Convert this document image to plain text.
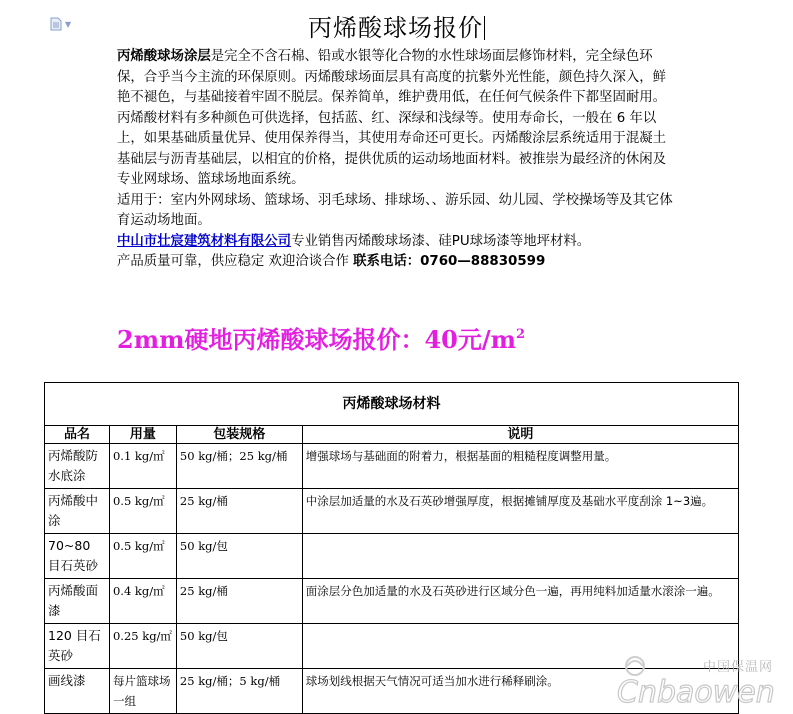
▼	丙烯酸球场报价

丙烯酸球场涂层是完全不含石棉、铅或水银等化合物的水性球场面层修饰材料，完全绿色环保，合乎当今主流的环保原则。丙烯酸球场面层具有高度的抗紫外光性能，颜色持久深入，鲜艳不褪色，与基础接着牢固不脱层。保养简单，维护费用低，在任何气候条件下都坚固耐用。丙烯酸材料有多种颜色可供选择，包括蓝、红、深绿和浅绿等。使用寿命长，一般在 6 年以上，如果基础质量优异、使用保养得当，其使用寿命还可更长。丙烯酸涂层系统适用于混凝土基础层与沥青基础层，以相宜的价格，提供优质的运动场地面材料。被推崇为最经济的休闲及专业网球场、篮球场地面系统。

适用于：室内外网球场、篮球场、羽毛球场、排球场、、游乐园、幼儿园、学校操场等及其它体育运动场地面。

中山市壮宸建筑材料有限公司专业销售丙烯酸球场漆、硅PU球场漆等地坪材料。

产品质量可靠，供应稳定 欢迎洽谈合作 联系电话：0760—88830599

2mm硬地丙烯酸球场报价：40元$/m^2$
丙烯酸球场材料			
品名	用量	包装规格	说明
丙烯酸防水底涂	0.1 kg/㎡	50 kg/桶；25 kg/桶	增强球场与基础面的附着力，根据基面的粗糙程度调整用量。
丙烯酸中涂	0.5 kg/㎡	25 kg/桶	中涂层加适量的水及石英砂增强厚度，根据摊铺厚度及基础水平度刮涂 1~3遍。
70~80 目石英砂	0.5 kg/㎡	50 kg/包	
丙烯酸面漆	0.4 kg/㎡	25 kg/桶	面涂层分色加适量的水及石英砂进行区域分色一遍，再用纯料加适量水滚涂一遍。
120 目石英砂	0.25 kg/㎡	50 kg/包	
画线漆	每片篮球场一组	25 kg/桶；5 kg/桶	球场划线根据天气情况可适当加水进行稀释刷涂。 Cnbaowen
中国保温网
